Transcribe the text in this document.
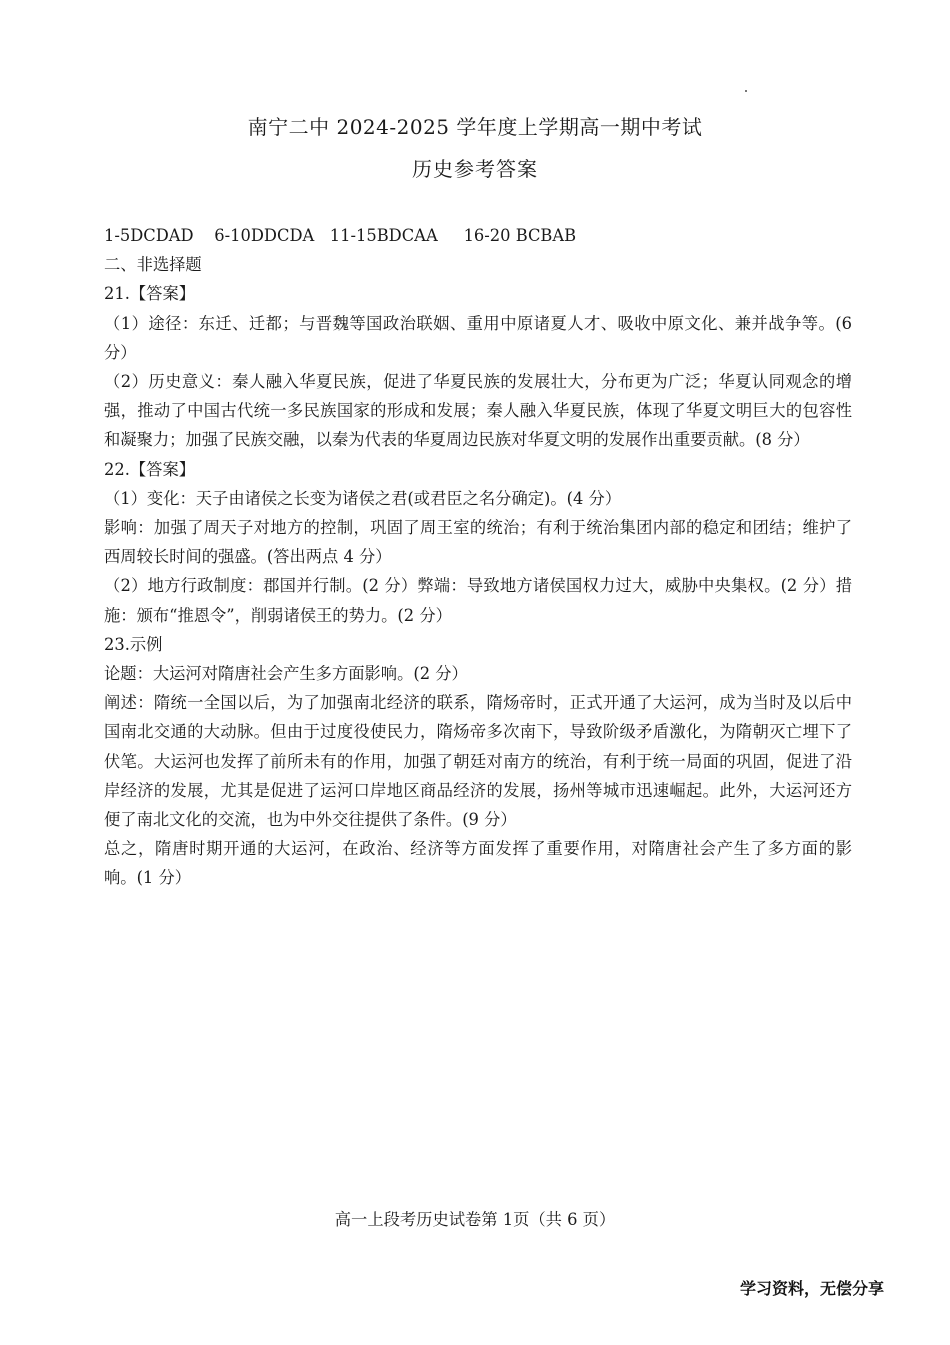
南宁二中 2024-2025 学年度上学期高一期中考试
历史参考答案

1-5DCDAD    6-10DDCDA   11-15BDCAA     16-20 BCBAB

二、非选择题

21.【答案】

（1）途径：东迁、迁都；与晋魏等国政治联姻、重用中原诸夏人才、吸收中原文化、兼并战争等。(6 分）

（2）历史意义：秦人融入华夏民族，促进了华夏民族的发展壮大，分布更为广泛；华夏认同观念的增强，推动了中国古代统一多民族国家的形成和发展；秦人融入华夏民族，体现了华夏文明巨大的包容性和凝聚力；加强了民族交融，以秦为代表的华夏周边民族对华夏文明的发展作出重要贡献。(8 分）

22.【答案】

（1）变化：天子由诸侯之长变为诸侯之君(或君臣之名分确定)。(4 分）

影响：加强了周天子对地方的控制，巩固了周王室的统治；有利于统治集团内部的稳定和团结；维护了西周较长时间的强盛。(答出两点 4 分）

（2）地方行政制度：郡国并行制。(2 分）弊端：导致地方诸侯国权力过大，威胁中央集权。(2 分）措施：颁布“推恩令”，削弱诸侯王的势力。(2 分）

23.示例

论题：大运河对隋唐社会产生多方面影响。(2 分）

阐述：隋统一全国以后，为了加强南北经济的联系，隋炀帝时，正式开通了大运河，成为当时及以后中国南北交通的大动脉。但由于过度役使民力，隋炀帝多次南下，导致阶级矛盾激化，为隋朝灭亡埋下了伏笔。大运河也发挥了前所未有的作用，加强了朝廷对南方的统治，有利于统一局面的巩固，促进了沿岸经济的发展，尤其是促进了运河口岸地区商品经济的发展，扬州等城市迅速崛起。此外，大运河还方便了南北文化的交流，也为中外交往提供了条件。(9 分）

总之，隋唐时期开通的大运河，在政治、经济等方面发挥了重要作用，对隋唐社会产生了多方面的影响。(1 分）

高一上段考历史试卷第 1页（共 6 页）
学习资料，无偿分享
